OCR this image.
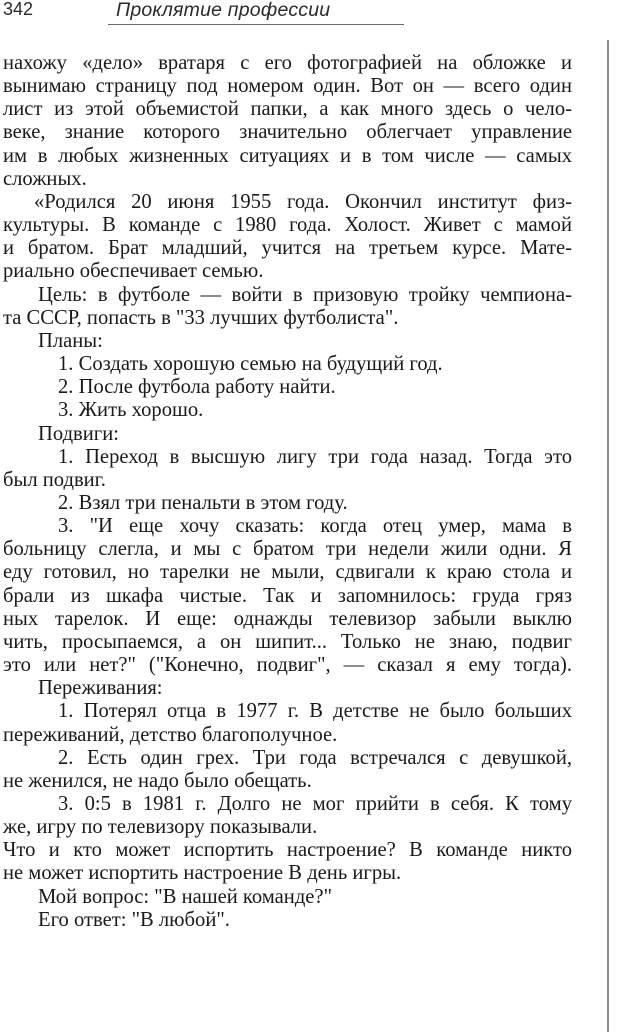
342	Проклятие профессии
нахожу «дело» вратаря с его фотографией на обложке и
вынимаю страницу под номером один. Вот он — всего один
лист из этой объемистой папки, а как много здесь о чело-
веке, знание которого значительно облегчает управление
им в любых жизненных ситуациях и в том числе — самых
сложных.
«Родился 20 июня 1955 года. Окончил институт физ-
культуры. В команде с 1980 года. Холост. Живет с мамой
и братом. Брат младший, учится на третьем курсе. Мате-
риально обеспечивает семью.
Цель: в футболе — войти в призовую тройку чемпиона-
та СССР, попасть в "33 лучших футболиста".
Планы:
1. Создать хорошую семью на будущий год.
2. После футбола работу найти.
3. Жить хорошо.
Подвиги:
1. Переход в высшую лигу три года назад. Тогда это
был подвиг.
2. Взял три пенальти в этом году.
3. "И еще хочу сказать: когда отец умер, мама в
больницу слегла, и мы с братом три недели жили одни. Я
еду готовил, но тарелки не мыли, сдвигали к краю стола и
брали из шкафа чистые. Так и запомнилось: груда гряз
ных тарелок. И еще: однажды телевизор забыли выклю
чить, просыпаемся, а он шипит... Только не знаю, подвиг
это или нет?" ("Конечно, подвиг", — сказал я ему тогда).
Переживания:
1. Потерял отца в 1977 г. В детстве не было больших
переживаний, детство благополучное.
2. Есть один грех. Три года встречался с девушкой,
не женился, не надо было обещать.
3. 0:5 в 1981 г. Долго не мог прийти в себя. К тому
же, игру по телевизору показывали.
Что и кто может испортить настроение? В команде никто
не может испортить настроение В день игры.
Мой вопрос: "В нашей команде?"
Его ответ: "В любой".
